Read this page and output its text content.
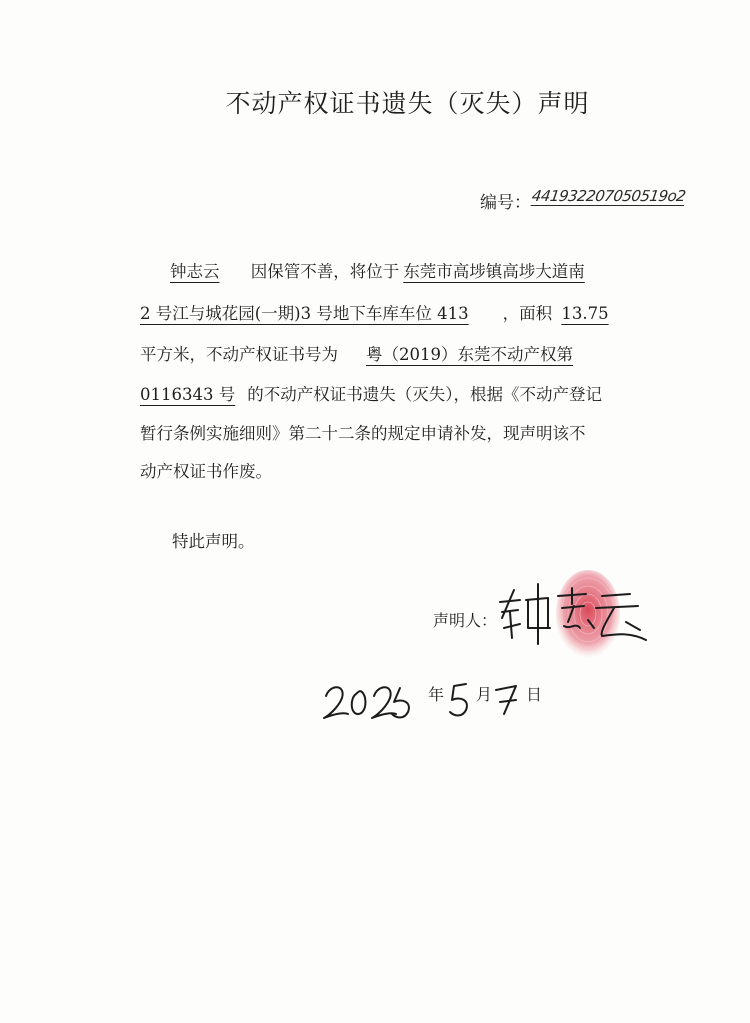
不动产权证书遗失（灭失）声明
编号： 441932207050519o2
钟志云 因保管不善，将位于 东莞市高埗镇高埗大道南
2 号江与城花园(一期)3 号地下车库车位 413 ，面积 13.75
平方米，不动产权证书号为 粤（2019）东莞不动产权第
0116343 号 的不动产权证书遗失（灭失），根据《不动产登记
暂行条例实施细则》第二十二条的规定申请补发，现声明该不
动产权证书作废。
特此声明。
声明人：
年 月 日
